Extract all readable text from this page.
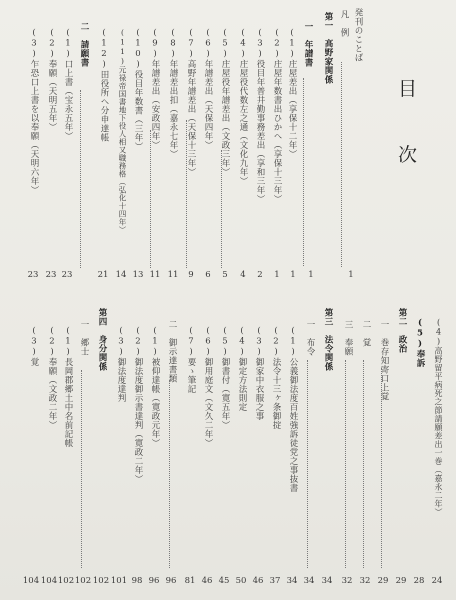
目
次
発刊のことば
凡　例
第一　高野家関係
一　年譜書
(1)庄屋差出（享保十二年）
(2)庄屋年数書出ひかへ（享保十三年）
(3)役目年普井勤事務差出（享和三年）
(4)庄屋役代数左之通（文化九年）
(5)庄屋役年譜差出（文政三年）
(6)年譜差出（天保四年）
(7)高野年譜差出（天保十三年）
(8)年譜差出扣（嘉永七年）
(9)年譜差出（安政四年）
(10)役目年数書（三年）
(11)元禄帝国書地下役人相又職務格（弘化十四年）
(12)田役所へ分申達帳
二　請願書
(1)口上書（宝永五年）
(2)奉願（天明五年）
(3)乍恐口上書を以奉願（天明六年）
1
1
1
1
2
4
5
6
9
11
11
13
14
21
23
23
23
(4)高野留平病死之節請願差出一巻（嘉永二年）
(5)奉訴
第二　政治
一　巻存知寄口上覚
二　覚
三　奉願
第三　法令関係
一　布令
(1)公義御法度百姓強訴徒党之事抜書
(2)法令十三ヶ条御掟
(3)御家中衣服之事
(4)御定方法則定
(5)御書付（寛五年）
(6)御用庭文（文久二年）
(7)要ゝ筆記
二　御示達書類
(1)被仰達帳（寛政元年）
(2)御法度御示書達判（寛政二年）
(3)御法度達判
第四　身分関係
一　郷士
(1)長岡郡郷土中名前記帳
(2)奉願（文政二年）
(3)覚
24
28
29
29
32
32
34
34
34
37
46
50
45
46
81
96
96
98
101
102
102
102
104
104
